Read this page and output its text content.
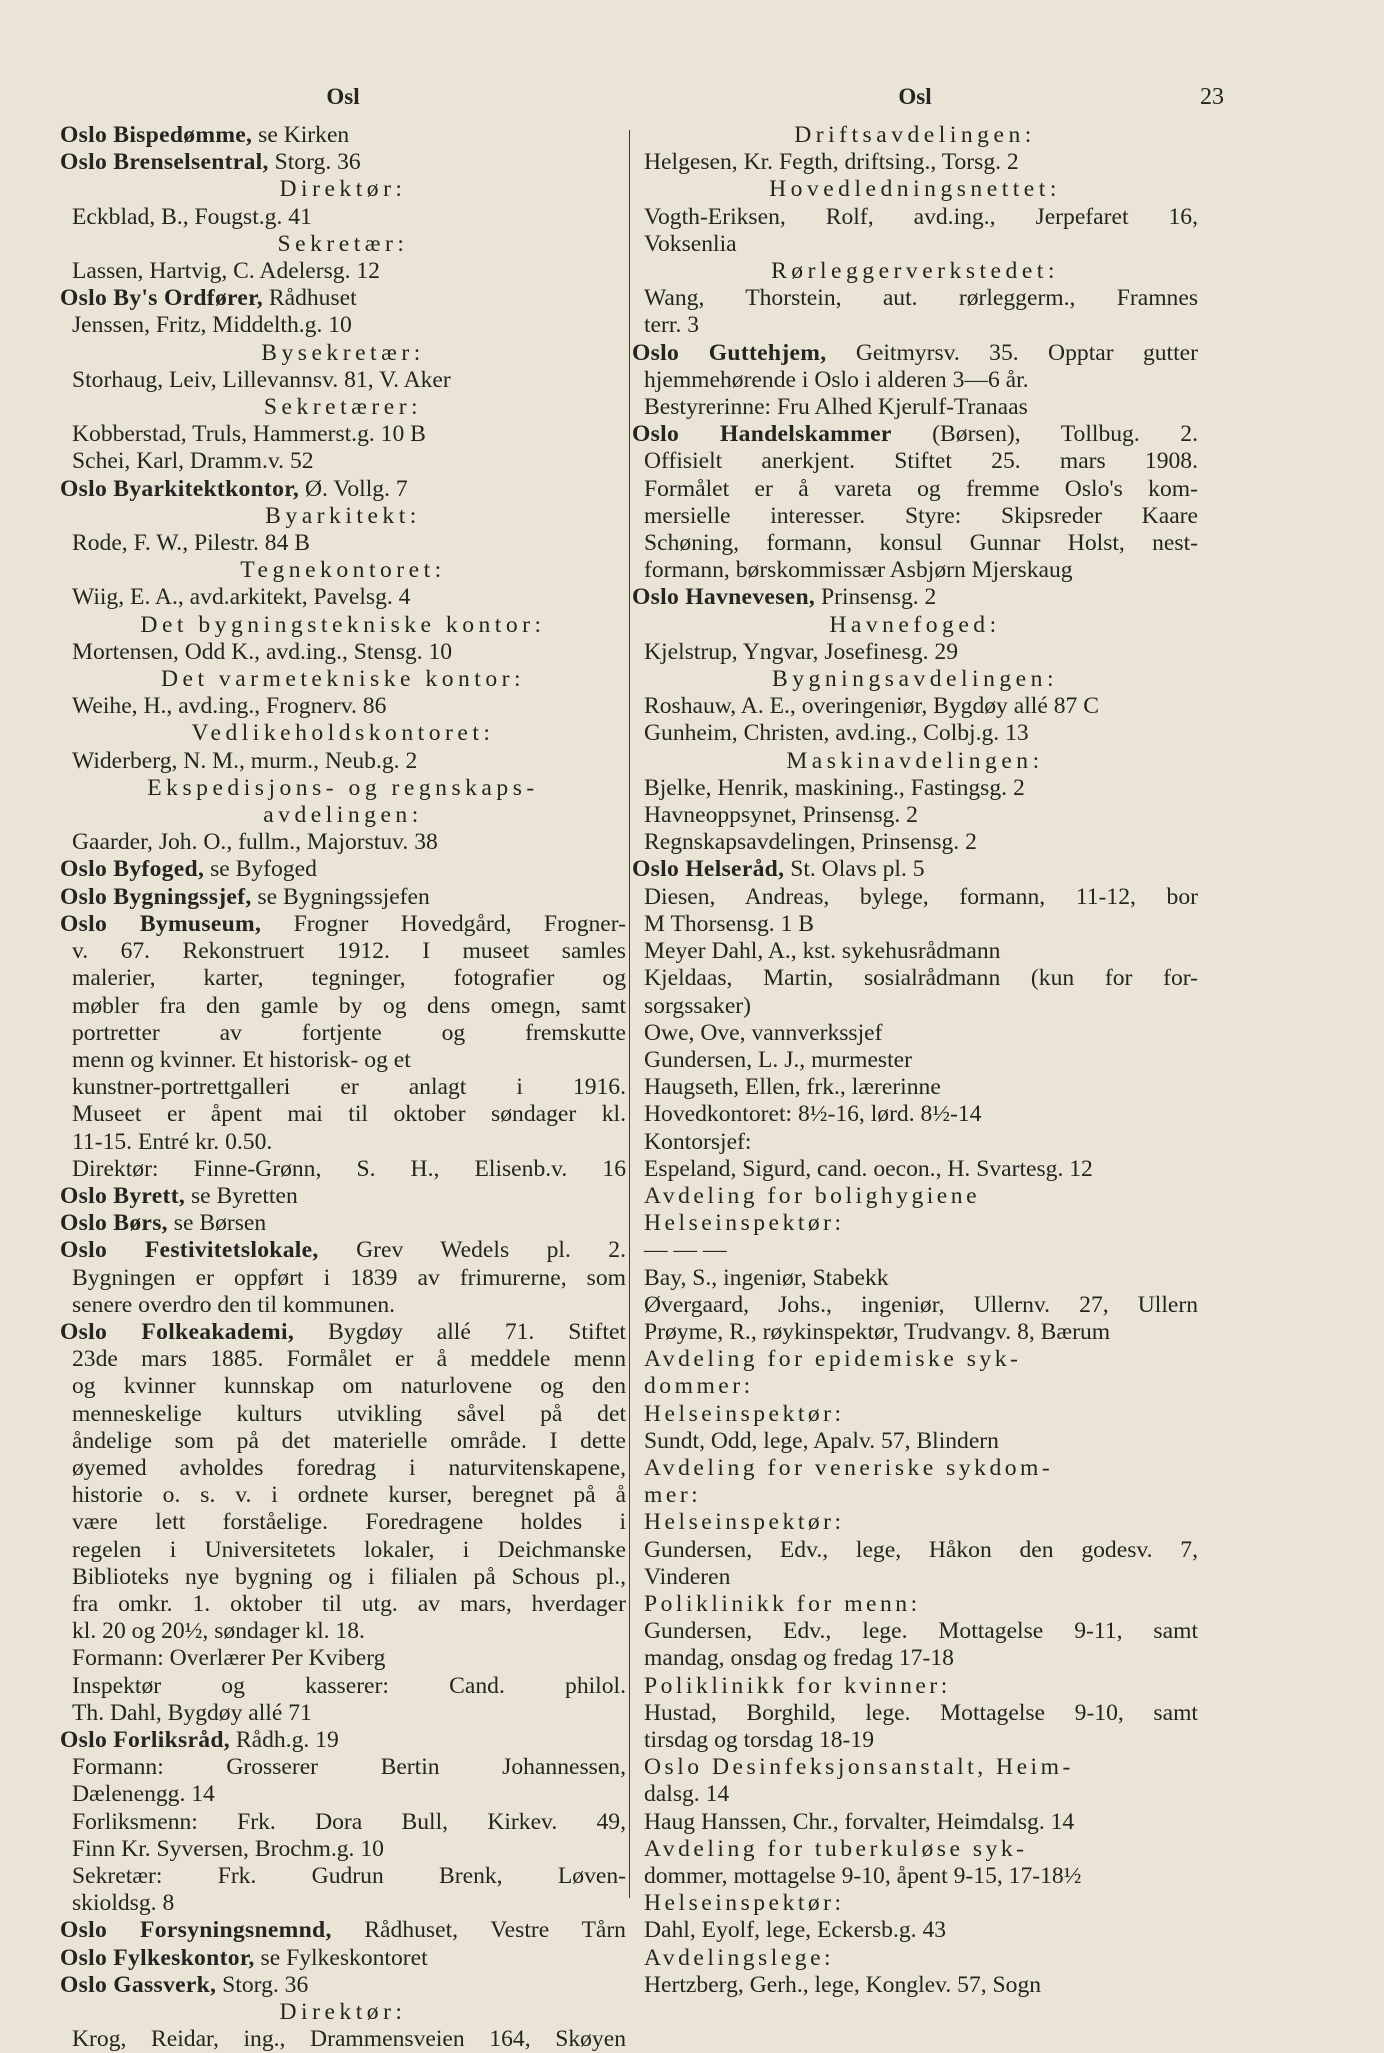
Osl
Oslo Bispedømme, se Kirken
Oslo Brenselsentral, Storg. 36
Direktør:
Eckblad, B., Fougst.g. 41
Sekretær:
Lassen, Hartvig, C. Adelersg. 12
Oslo By's Ordfører, Rådhuset
Jenssen, Fritz, Middelth.g. 10
Bysekretær:
Storhaug, Leiv, Lillevannsv. 81, V. Aker
Sekretærer:
Kobberstad, Truls, Hammerst.g. 10 B
Schei, Karl, Dramm.v. 52
Oslo Byarkitektkontor, Ø. Vollg. 7
Byarkitekt:
Rode, F. W., Pilestr. 84 B
Tegnekontoret:
Wiig, E. A., avd.arkitekt, Pavelsg. 4
Det bygningstekniske kontor:
Mortensen, Odd K., avd.ing., Stensg. 10
Det varmetekniske kontor:
Weihe, H., avd.ing., Frognerv. 86
Vedlikeholdskontoret:
Widerberg, N. M., murm., Neub.g. 2
Ekspedisjons- og regnskaps-
avdelingen:
Gaarder, Joh. O., fullm., Majorstuv. 38
Oslo Byfoged, se Byfoged
Oslo Bygningssjef, se Bygningssjefen
Oslo Bymuseum, Frogner Hovedgård, Frogner-
v. 67. Rekonstruert 1912. I museet samles
malerier, karter, tegninger, fotografier og
møbler fra den gamle by og dens omegn, samt
portretter av fortjente og fremskutte
menn og kvinner. Et historisk- og et
kunstner-portrettgalleri er anlagt i 1916.
Museet er åpent mai til oktober søndager kl.
11-15. Entré kr. 0.50.
Direktør: Finne-Grønn, S. H., Elisenb.v. 16
Oslo Byrett, se Byretten
Oslo Børs, se Børsen
Oslo Festivitetslokale, Grev Wedels pl. 2.
Bygningen er oppført i 1839 av frimurerne, som
senere overdro den til kommunen.
Oslo Folkeakademi, Bygdøy allé 71. Stiftet
23de mars 1885. Formålet er å meddele menn
og kvinner kunnskap om naturlovene og den
menneskelige kulturs utvikling såvel på det
åndelige som på det materielle område. I dette
øyemed avholdes foredrag i naturvitenskapene,
historie o. s. v. i ordnete kurser, beregnet på å
være lett forståelige. Foredragene holdes i
regelen i Universitetets lokaler, i Deichmanske
Biblioteks nye bygning og i filialen på Schous pl.,
fra omkr. 1. oktober til utg. av mars, hverdager
kl. 20 og 20½, søndager kl. 18.
Formann: Overlærer Per Kviberg
Inspektør og kasserer: Cand. philol.
Th. Dahl, Bygdøy allé 71
Oslo Forliksråd, Rådh.g. 19
Formann: Grosserer Bertin Johannessen,
Dælenengg. 14
Forliksmenn: Frk. Dora Bull, Kirkev. 49,
Finn Kr. Syversen, Brochm.g. 10
Sekretær: Frk. Gudrun Brenk, Løven-
skioldsg. 8
Oslo Forsyningsnemnd, Rådhuset, Vestre Tårn
Oslo Fylkeskontor, se Fylkeskontoret
Oslo Gassverk, Storg. 36
Direktør:
Krog, Reidar, ing., Drammensveien 164, Skøyen
Osl	23
Driftsavdelingen:
Helgesen, Kr. Fegth, driftsing., Torsg. 2
Hovedledningsnettet:
Vogth-Eriksen, Rolf, avd.ing., Jerpefaret 16,
Voksenlia
Rørleggerverkstedet:
Wang, Thorstein, aut. rørleggerm., Framnes
terr. 3
Oslo Guttehjem, Geitmyrsv. 35. Opptar gutter
hjemmehørende i Oslo i alderen 3—6 år.
Bestyrerinne: Fru Alhed Kjerulf-Tranaas
Oslo Handelskammer (Børsen), Tollbug. 2.
Offisielt anerkjent. Stiftet 25. mars 1908.
Formålet er å vareta og fremme Oslo's kom-
mersielle interesser. Styre: Skipsreder Kaare
Schøning, formann, konsul Gunnar Holst, nest-
formann, børskommissær Asbjørn Mjerskaug
Oslo Havnevesen, Prinsensg. 2
Havnefoged:
Kjelstrup, Yngvar, Josefinesg. 29
Bygningsavdelingen:
Roshauw, A. E., overingeniør, Bygdøy allé 87 C
Gunheim, Christen, avd.ing., Colbj.g. 13
Maskinavdelingen:
Bjelke, Henrik, maskining., Fastingsg. 2
Havneoppsynet, Prinsensg. 2
Regnskapsavdelingen, Prinsensg. 2
Oslo Helseråd, St. Olavs pl. 5
Diesen, Andreas, bylege, formann, 11-12, bor
M Thorsensg. 1 B
Meyer Dahl, A., kst. sykehusrådmann
Kjeldaas, Martin, sosialrådmann (kun for for-
sorgssaker)
Owe, Ove, vannverkssjef
Gundersen, L. J., murmester
Haugseth, Ellen, frk., lærerinne
Hovedkontoret: 8½-16, lørd. 8½-14
Kontorsjef:
Espeland, Sigurd, cand. oecon., H. Svartesg. 12
Avdeling for bolighygiene
Helseinspektør:
— — —
Bay, S., ingeniør, Stabekk
Øvergaard, Johs., ingeniør, Ullernv. 27, Ullern
Prøyme, R., røykinspektør, Trudvangv. 8, Bærum
Avdeling for epidemiske syk-
dommer:
Helseinspektør:
Sundt, Odd, lege, Apalv. 57, Blindern
Avdeling for veneriske sykdom-
mer:
Helseinspektør:
Gundersen, Edv., lege, Håkon den godesv. 7,
Vinderen
Poliklinikk for menn:
Gundersen, Edv., lege. Mottagelse 9-11, samt
mandag, onsdag og fredag 17-18
Poliklinikk for kvinner:
Hustad, Borghild, lege. Mottagelse 9-10, samt
tirsdag og torsdag 18-19
Oslo Desinfeksjonsanstalt, Heim-
dalsg. 14
Haug Hanssen, Chr., forvalter, Heimdalsg. 14
Avdeling for tuberkuløse syk-
dommer, mottagelse 9-10, åpent 9-15, 17-18½
Helseinspektør:
Dahl, Eyolf, lege, Eckersb.g. 43
Avdelingslege:
Hertzberg, Gerh., lege, Konglev. 57, Sogn
